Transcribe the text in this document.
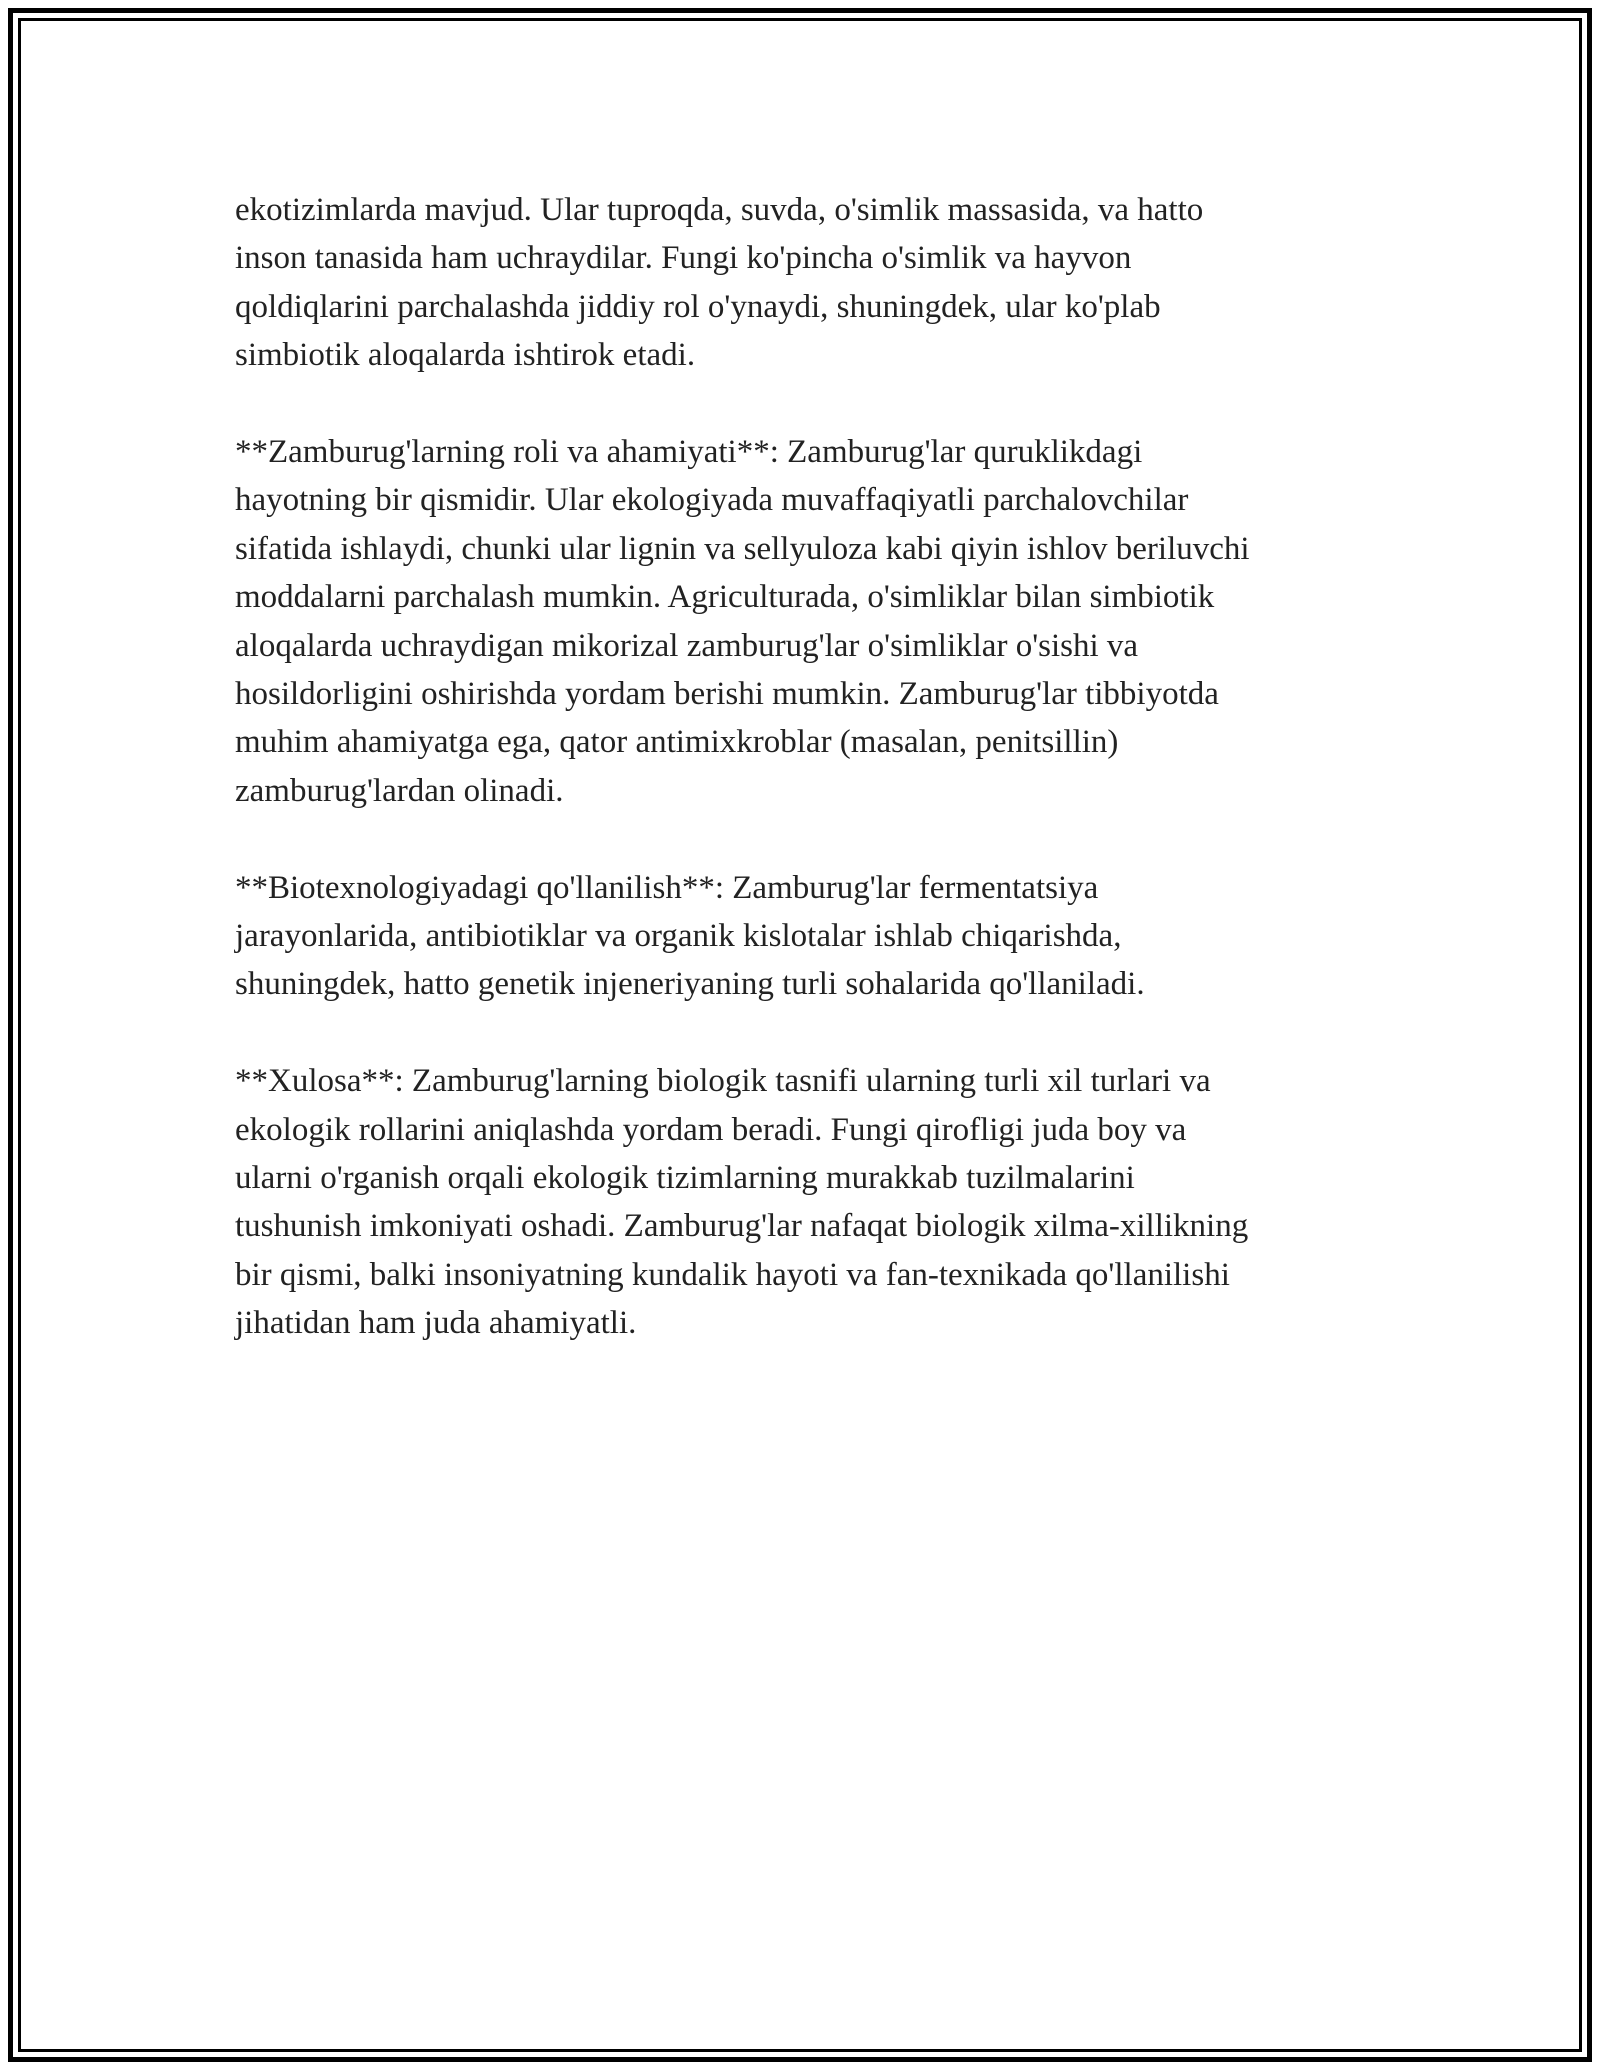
ekotizimlarda mavjud. Ular tuproqda, suvda, o'simlik massasida, va hatto
inson tanasida ham uchraydilar. Fungi ko'pincha o'simlik va hayvon
qoldiqlarini parchalashda jiddiy rol o'ynaydi, shuningdek, ular ko'plab
simbiotik aloqalarda ishtirok etadi.

**Zamburug'larning roli va ahamiyati**: Zamburug'lar quruklikdagi
hayotning bir qismidir. Ular ekologiyada muvaffaqiyatli parchalovchilar
sifatida ishlaydi, chunki ular lignin va sellyuloza kabi qiyin ishlov beriluvchi
moddalarni parchalash mumkin. Agriculturada, o'simliklar bilan simbiotik
aloqalarda uchraydigan mikorizal zamburug'lar o'simliklar o'sishi va
hosildorligini oshirishda yordam berishi mumkin. Zamburug'lar tibbiyotda
muhim ahamiyatga ega, qator antimixkroblar (masalan, penitsillin)
zamburug'lardan olinadi.

**Biotexnologiyadagi qo'llanilish**: Zamburug'lar fermentatsiya
jarayonlarida, antibiotiklar va organik kislotalar ishlab chiqarishda,
shuningdek, hatto genetik injeneriyaning turli sohalarida qo'llaniladi.

**Xulosa**: Zamburug'larning biologik tasnifi ularning turli xil turlari va
ekologik rollarini aniqlashda yordam beradi. Fungi qirofligi juda boy va
ularni o'rganish orqali ekologik tizimlarning murakkab tuzilmalarini
tushunish imkoniyati oshadi. Zamburug'lar nafaqat biologik xilma-xillikning
bir qismi, balki insoniyatning kundalik hayoti va fan-texnikada qo'llanilishi
jihatidan ham juda ahamiyatli.
